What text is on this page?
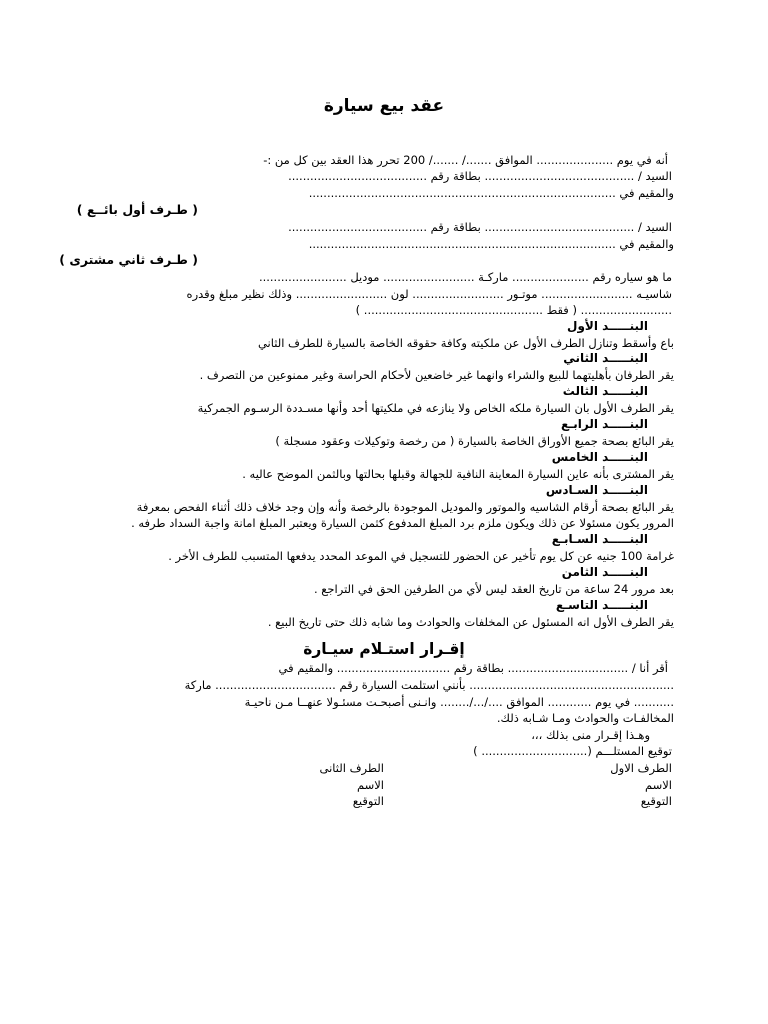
عقد بيع سيارة

أنه في يوم ..................... الموافق ......./ ......./ 200 تحرر هذا العقد بين كل من :-

السيد / ......................................... بطاقة رقم ......................................

والمقيم في ....................................................................................

( طـرف أول بائــع )

السيد / ......................................... بطاقة رقم ......................................

والمقيم في ....................................................................................

( طـرف ثاني مشترى )

ما هو سياره رقم ..................... ماركـة ......................... موديل ........................

شاسيـه ......................... موتـور ......................... لون ......................... وذلك نظير مبلغ وقدره

......................... ( فقط ................................................. )

البنـــــد الأول

باع وأسقط وتنازل الطرف الأول عن ملكيته وكافة حقوقه الخاصة بالسيارة للطرف الثاني

البنـــــد الثاني

يقر الطرفان بأهليتهما للبيع والشراء وانهما غير خاضعين لأحكام الحراسة وغير ممنوعين من التصرف .

البنـــــد الثالث

يقر الطرف الأول بان السيارة ملكه الخاص ولا ينازعه في ملكيتها أحد وأنها مسـددة الرسـوم الجمركية

البنـــــد الرابـع

يقر البائع بصحة جميع الأوراق الخاصة بالسيارة ( من رخصة وتوكيلات وعقود مسجلة )

البنـــــد الخامس

يقر المشترى بأنه عاين السيارة المعاينة النافية للجهالة وقبلها بحالتها وبالثمن الموضح عاليه .

البنـــــد السـادس

يقر البائع بصحة أرقام الشاسيه والموتور والموديل الموجودة بالرخصة وأنه وإن وجد خلاف ذلك أثناء الفحص بمعرفة

المرور يكون مسئولا عن ذلك ويكون ملزم برد المبلغ المدفوع كثمن السيارة ويعتبر المبلغ امانة واجبة السداد طرفه .

البنـــــد السـابـع

غرامة 100 جنيه عن كل يوم تأخير عن الحضور للتسجيل في الموعد المحدد يدفعها المتسبب للطرف الأخر .

البنـــــد الثامن

بعد مرور 24 ساعة من تاريخ العقد ليس لأي من الطرفين الحق في التراجع .

البنـــــد التاسـع

يقر الطرف الأول انه المسئول عن المخلفات والحوادث وما شابه ذلك حتى تاريخ البيع .

إقـرار استـلام سيـارة

أقر أنا / ................................. بطاقة رقم ............................... والمقيم في

........................................................ بأنني استلمت السيارة رقم ................................. ماركة

........... في يوم ............ الموافق ..../.../........ وانـنى أصبحـت مسئـولا عنهــا مـن ناحيـة

المخالفـات والحوادث ومـا شـابه ذلك.

وهـذا إقـرار منى بذلك ،،،

توقيع المستلـــم (............................. )

الطرف الاول

الطرف الثانى

الاسم

الاسم

التوقيع

التوقيع
